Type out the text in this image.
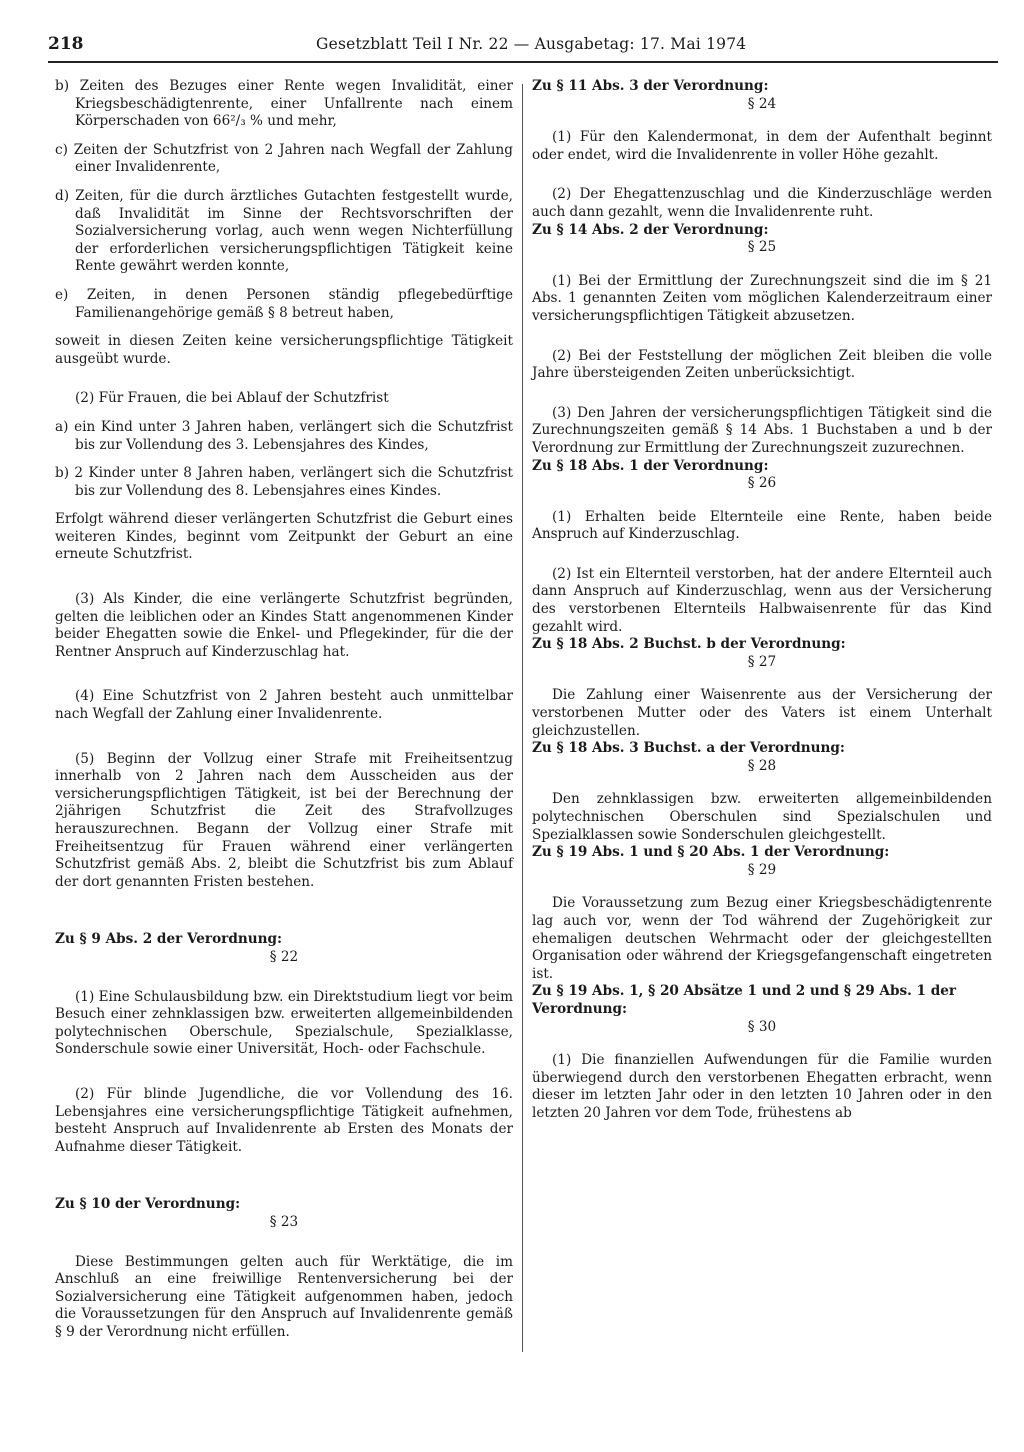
218	Gesetzblatt Teil I Nr. 22 — Ausgabetag: 17. Mai 1974

b) Zeiten des Bezuges einer Rente wegen Invalidität, einer Kriegsbeschädigtenrente, einer Unfallrente nach einem Körperschaden von 66²/₃ % und mehr,

c) Zeiten der Schutzfrist von 2 Jahren nach Wegfall der Zahlung einer Invalidenrente,

d) Zeiten, für die durch ärztliches Gutachten festgestellt wurde, daß Invalidität im Sinne der Rechtsvorschriften der Sozialversicherung vorlag, auch wenn wegen Nichterfüllung der erforderlichen versicherungspflichtigen Tätigkeit keine Rente gewährt werden konnte,

e) Zeiten, in denen Personen ständig pflegebedürftige Familienangehörige gemäß § 8 betreut haben,

soweit in diesen Zeiten keine versicherungspflichtige Tätigkeit ausgeübt wurde.

(2) Für Frauen, die bei Ablauf der Schutzfrist

a) ein Kind unter 3 Jahren haben, verlängert sich die Schutzfrist bis zur Vollendung des 3. Lebensjahres des Kindes,

b) 2 Kinder unter 8 Jahren haben, verlängert sich die Schutzfrist bis zur Vollendung des 8. Lebensjahres eines Kindes.

Erfolgt während dieser verlängerten Schutzfrist die Geburt eines weiteren Kindes, beginnt vom Zeitpunkt der Geburt an eine erneute Schutzfrist.

(3) Als Kinder, die eine verlängerte Schutzfrist begründen, gelten die leiblichen oder an Kindes Statt angenommenen Kinder beider Ehegatten sowie die Enkel- und Pflegekinder, für die der Rentner Anspruch auf Kinderzuschlag hat.

(4) Eine Schutzfrist von 2 Jahren besteht auch unmittelbar nach Wegfall der Zahlung einer Invalidenrente.

(5) Beginn der Vollzug einer Strafe mit Freiheitsentzug innerhalb von 2 Jahren nach dem Ausscheiden aus der versicherungspflichtigen Tätigkeit, ist bei der Berechnung der 2jährigen Schutzfrist die Zeit des Strafvollzuges herauszurechnen. Begann der Vollzug einer Strafe mit Freiheitsentzug für Frauen während einer verlängerten Schutzfrist gemäß Abs. 2, bleibt die Schutzfrist bis zum Ablauf der dort genannten Fristen bestehen.

Zu § 9 Abs. 2 der Verordnung:

§ 22

(1) Eine Schulausbildung bzw. ein Direktstudium liegt vor beim Besuch einer zehnklassigen bzw. erweiterten allgemeinbildenden polytechnischen Oberschule, Spezialschule, Spezialklasse, Sonderschule sowie einer Universität, Hoch- oder Fachschule.

(2) Für blinde Jugendliche, die vor Vollendung des 16. Lebensjahres eine versicherungspflichtige Tätigkeit aufnehmen, besteht Anspruch auf Invalidenrente ab Ersten des Monats der Aufnahme dieser Tätigkeit.

Zu § 10 der Verordnung:

§ 23

Diese Bestimmungen gelten auch für Werktätige, die im Anschluß an eine freiwillige Rentenversicherung bei der Sozialversicherung eine Tätigkeit aufgenommen haben, jedoch die Voraussetzungen für den Anspruch auf Invalidenrente gemäß § 9 der Verordnung nicht erfüllen.

Zu § 11 Abs. 3 der Verordnung:

§ 24

(1) Für den Kalendermonat, in dem der Aufenthalt beginnt oder endet, wird die Invalidenrente in voller Höhe gezahlt.

(2) Der Ehegattenzuschlag und die Kinderzuschläge werden auch dann gezahlt, wenn die Invalidenrente ruht.

Zu § 14 Abs. 2 der Verordnung:

§ 25

(1) Bei der Ermittlung der Zurechnungszeit sind die im § 21 Abs. 1 genannten Zeiten vom möglichen Kalenderzeitraum einer versicherungspflichtigen Tätigkeit abzusetzen.

(2) Bei der Feststellung der möglichen Zeit bleiben die volle Jahre übersteigenden Zeiten unberücksichtigt.

(3) Den Jahren der versicherungspflichtigen Tätigkeit sind die Zurechnungszeiten gemäß § 14 Abs. 1 Buchstaben a und b der Verordnung zur Ermittlung der Zurechnungszeit zuzurechnen.

Zu § 18 Abs. 1 der Verordnung:

§ 26

(1) Erhalten beide Elternteile eine Rente, haben beide Anspruch auf Kinderzuschlag.

(2) Ist ein Elternteil verstorben, hat der andere Elternteil auch dann Anspruch auf Kinderzuschlag, wenn aus der Versicherung des verstorbenen Elternteils Halbwaisenrente für das Kind gezahlt wird.

Zu § 18 Abs. 2 Buchst. b der Verordnung:

§ 27

Die Zahlung einer Waisenrente aus der Versicherung der verstorbenen Mutter oder des Vaters ist einem Unterhalt gleichzustellen.

Zu § 18 Abs. 3 Buchst. a der Verordnung:

§ 28

Den zehnklassigen bzw. erweiterten allgemeinbildenden polytechnischen Oberschulen sind Spezialschulen und Spezialklassen sowie Sonderschulen gleichgestellt.

Zu § 19 Abs. 1 und § 20 Abs. 1 der Verordnung:

§ 29

Die Voraussetzung zum Bezug einer Kriegsbeschädigtenrente lag auch vor, wenn der Tod während der Zugehörigkeit zur ehemaligen deutschen Wehrmacht oder der gleichgestellten Organisation oder während der Kriegsgefangenschaft eingetreten ist.

Zu § 19 Abs. 1, § 20 Absätze 1 und 2 und § 29 Abs. 1 der Verordnung:

§ 30

(1) Die finanziellen Aufwendungen für die Familie wurden überwiegend durch den verstorbenen Ehegatten erbracht, wenn dieser im letzten Jahr oder in den letzten 10 Jahren oder in den letzten 20 Jahren vor dem Tode, frühestens ab
